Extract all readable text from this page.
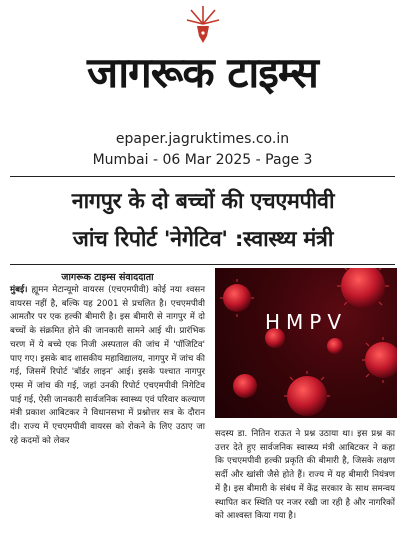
जागरूक टाइम्स
epaper.jagruktimes.co.in
Mumbai - 06 Mar 2025 - Page 3
नागपुर के दो बच्चों की एचएमपीवी
जांच रिपोर्ट 'नेगेटिव' :स्वास्थ्य मंत्री
जागरूक टाइम्स संवाददाता
मुंबई। ह्यूमन मेटान्यूमो वायरस (एचएमपीवी) कोई नया श्वसन वायरस नहीं है, बल्कि यह 2001 से प्रचलित है। एचएमपीवी आमतौर पर एक हल्की बीमारी है। इस बीमारी से नागपुर में दो बच्चों के संक्रमित होने की जानकारी सामने आई थी। प्रारंभिक चरण में ये बच्चे एक निजी अस्पताल की जांच में 'पॉजिटिव' पाए गए। इसके बाद शासकीय महाविद्यालय, नागपुर में जांच की गई, जिसमें रिपोर्ट 'बॉर्डर लाइन' आई। इसके पश्चात नागपुर एम्स में जांच की गई, जहां उनकी रिपोर्ट एचएमपीवी निगेटिव पाई गई, ऐसी जानकारी सार्वजनिक स्वास्थ्य एवं परिवार कल्याण मंत्री प्रकाश आबिटकर ने विधानसभा में प्रश्नोत्तर सत्र के दौरान दी। राज्य में एचएमपीवी वायरस को रोकने के लिए उठाए जा रहे कदमों को लेकर
HMPV
सदस्य डा. नितिन राऊत ने प्रश्न उठाया था। इस प्रश्न का उत्तर देते हुए सार्वजनिक स्वास्थ्य मंत्री आबिटकर ने कहा कि एचएमपीवी हल्की प्रकृति की बीमारी है, जिसके लक्षण सर्दी और खांसी जैसे होते हैं। राज्य में यह बीमारी नियंत्रण में है। इस बीमारी के संबंध में केंद्र सरकार के साथ समन्वय स्थापित कर स्थिति पर नजर रखी जा रही है और नागरिकों को आश्वस्त किया गया है।
